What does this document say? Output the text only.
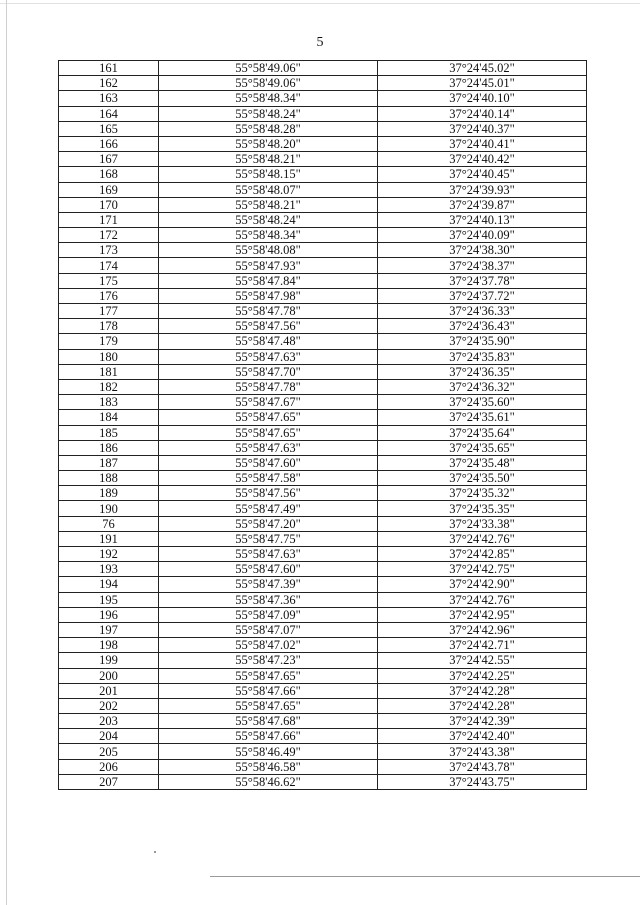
5
161	55°58'49.06"	37°24'45.02"
162	55°58'49.06"	37°24'45.01"
163	55°58'48.34"	37°24'40.10"
164	55°58'48.24"	37°24'40.14"
165	55°58'48.28"	37°24'40.37"
166	55°58'48.20"	37°24'40.41"
167	55°58'48.21"	37°24'40.42"
168	55°58'48.15"	37°24'40.45"
169	55°58'48.07"	37°24'39.93"
170	55°58'48.21"	37°24'39.87"
171	55°58'48.24"	37°24'40.13"
172	55°58'48.34"	37°24'40.09"
173	55°58'48.08"	37°24'38.30"
174	55°58'47.93"	37°24'38.37"
175	55°58'47.84"	37°24'37.78"
176	55°58'47.98"	37°24'37.72"
177	55°58'47.78"	37°24'36.33"
178	55°58'47.56"	37°24'36.43"
179	55°58'47.48"	37°24'35.90"
180	55°58'47.63"	37°24'35.83"
181	55°58'47.70"	37°24'36.35"
182	55°58'47.78"	37°24'36.32"
183	55°58'47.67"	37°24'35.60"
184	55°58'47.65"	37°24'35.61"
185	55°58'47.65"	37°24'35.64"
186	55°58'47.63"	37°24'35.65"
187	55°58'47.60"	37°24'35.48"
188	55°58'47.58"	37°24'35.50"
189	55°58'47.56"	37°24'35.32"
190	55°58'47.49"	37°24'35.35"
76	55°58'47.20"	37°24'33.38"
191	55°58'47.75"	37°24'42.76"
192	55°58'47.63"	37°24'42.85"
193	55°58'47.60"	37°24'42.75"
194	55°58'47.39"	37°24'42.90"
195	55°58'47.36"	37°24'42.76"
196	55°58'47.09"	37°24'42.95"
197	55°58'47.07"	37°24'42.96"
198	55°58'47.02"	37°24'42.71"
199	55°58'47.23"	37°24'42.55"
200	55°58'47.65"	37°24'42.25"
201	55°58'47.66"	37°24'42.28"
202	55°58'47.65"	37°24'42.28"
203	55°58'47.68"	37°24'42.39"
204	55°58'47.66"	37°24'42.40"
205	55°58'46.49"	37°24'43.38"
206	55°58'46.58"	37°24'43.78"
207	55°58'46.62"	37°24'43.75"
